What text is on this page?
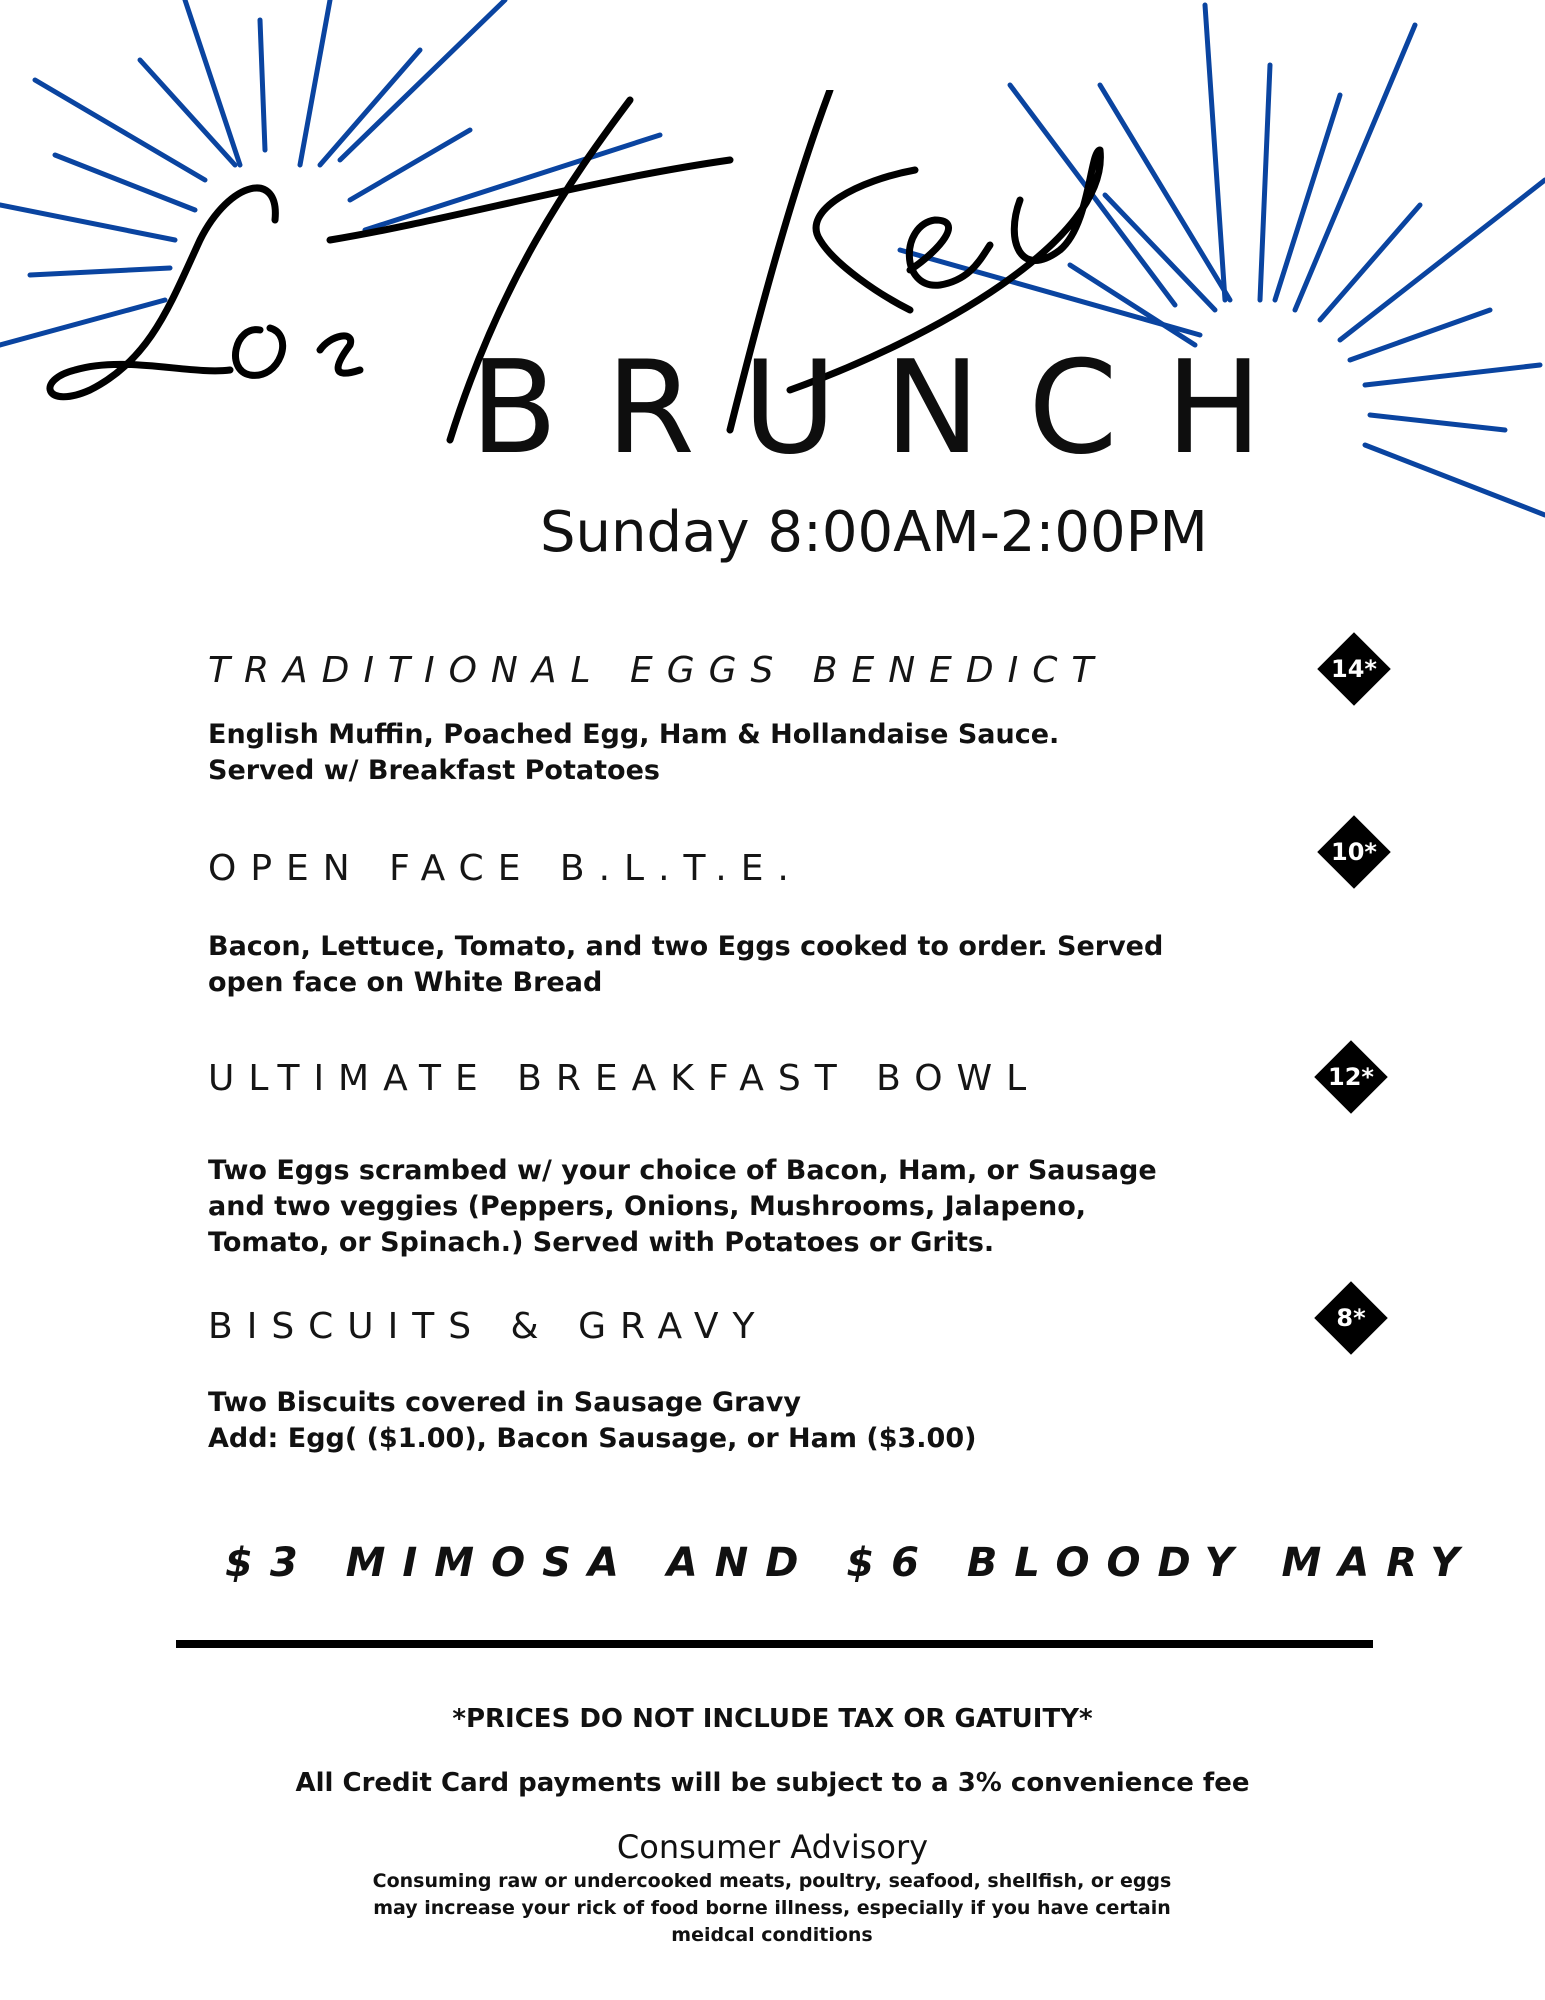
BRUNCH
Sunday 8:00AM-2:00PM
TRADITIONAL EGGS BENEDICT	14*
English Muffin, Poached Egg, Ham & Hollandaise Sauce. Served w/ Breakfast Potatoes
OPEN FACE B.L.T.E.	10*
Bacon, Lettuce, Tomato, and two Eggs cooked to order. Served open face on White Bread
ULTIMATE BREAKFAST BOWL	12*
Two Eggs scrambed w/ your choice of Bacon, Ham, or Sausage and two veggies (Peppers, Onions, Mushrooms, Jalapeno, Tomato, or Spinach.) Served with Potatoes or Grits.
BISCUITS & GRAVY	8*
Two Biscuits covered in Sausage Gravy
Add: Egg( ($1.00), Bacon Sausage, or Ham ($3.00)
$3 MIMOSA AND $6 BLOODY MARY
*PRICES DO NOT INCLUDE TAX OR GATUITY*
All Credit Card payments will be subject to a 3% convenience fee
Consumer Advisory
Consuming raw or undercooked meats, poultry, seafood, shellfish, or eggs may increase your rick of food borne illness, especially if you have certain meidcal conditions
